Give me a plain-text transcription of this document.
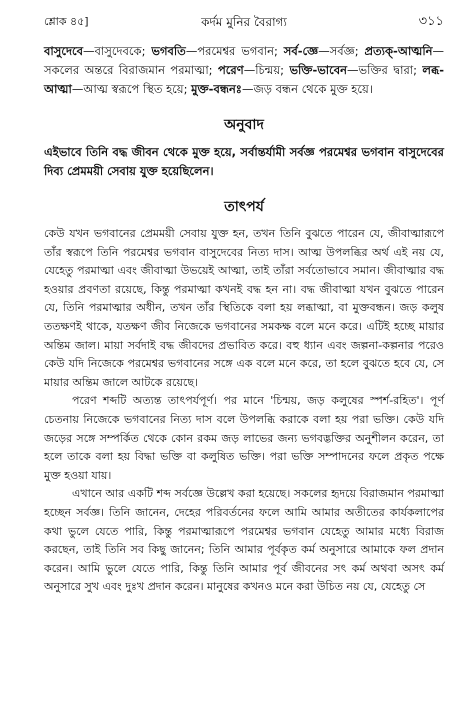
শ্লোক ৪৫]	কর্দম মুনির বৈরাগ্য	৩১১
বাসুদেবে — বাসুদেবকে; ভগবতি — পরমেশ্বর ভগবান; সর্ব-জ্ঞে — সর্বজ্ঞ; প্রত্যক্-আত্মনি— সকলের অন্তরে বিরাজমান পরমাত্মা; পরেণ — চিন্ময়; ভক্তি-ভাবেন — ভক্তির দ্বারা; লব্ধ-আত্মা — আত্ম স্বরূপে স্থিত হয়ে; মুক্ত-বন্ধনঃ — জড় বন্ধন থেকে মুক্ত হয়ে।
অনুবাদ
এইভাবে তিনি বদ্ধ জীবন থেকে মুক্ত হয়ে, সর্বান্তর্যামী সর্বজ্ঞ পরমেশ্বর ভগবান বাসুদেবের দিব্য প্রেমময়ী সেবায় যুক্ত হয়েছিলেন।
তাৎপর্য

কেউ যখন ভগবানের প্রেমময়ী সেবায় যুক্ত হন, তখন তিনি বুঝতে পারেন যে, জীবাত্মারূপে তাঁর স্বরূপে তিনি পরমেশ্বর ভগবান বাসুদেবের নিত্য দাস। আত্ম উপলব্ধির অর্থ এই নয় যে, যেহেতু পরমাত্মা এবং জীবাত্মা উভয়েই আত্মা, তাই তাঁরা সর্বতোভাবে সমান। জীবাত্মার বদ্ধ হওয়ার প্রবণতা রয়েছে, কিন্তু পরমাত্মা কখনই বদ্ধ হন না। বদ্ধ জীবাত্মা যখন বুঝতে পারেন যে, তিনি পরমাত্মার অধীন, তখন তাঁর স্থিতিকে বলা হয় লব্ধাত্মা, বা মুক্তবন্ধন। জড় কলুষ ততক্ষণই থাকে, যতক্ষণ জীব নিজেকে ভগবানের সমকক্ষ বলে মনে করে। এটিই হচ্ছে মায়ার অন্তিম জাল। মায়া সর্বদাই বদ্ধ জীবদের প্রভাবিত করে। বহু ধ্যান এবং জল্পনা-কল্পনার পরেও কেউ যদি নিজেকে পরমেশ্বর ভগবানের সঙ্গে এক বলে মনে করে, তা হলে বুঝতে হবে যে, সে মায়ার অন্তিম জালে আটকে রয়েছে।

পরেণ শব্দটি অত্যন্ত তাৎপর্যপূর্ণ। পর মানে 'চিন্ময়, জড় কলুষের স্পর্শ-রহিত'। পূর্ণ চেতনায় নিজেকে ভগবানের নিত্য দাস বলে উপলব্ধি করাকে বলা হয় পরা ভক্তি। কেউ যদি জড়ের সঙ্গে সম্পর্কিত থেকে কোন রকম জড় লাভের জন্য ভগবদ্ভক্তির অনুশীলন করেন, তা হলে তাকে বলা হয় বিদ্ধা ভক্তি বা কলুষিত ভক্তি। পরা ভক্তি সম্পাদনের ফলে প্রকৃত পক্ষে মুক্ত হওয়া যায়।

এখানে আর একটি শব্দ সর্বজ্ঞে উল্লেখ করা হয়েছে। সকলের হৃদয়ে বিরাজমান পরমাত্মা হচ্ছেন সর্বজ্ঞ। তিনি জানেন, দেহের পরিবর্তনের ফলে আমি আমার অতীতের কার্যকলাপের কথা ভুলে যেতে পারি, কিন্তু পরমাত্মারূপে পরমেশ্বর ভগবান যেহেতু আমার মধ্যে বিরাজ করছেন, তাই তিনি সব কিছু জানেন; তিনি আমার পূর্বকৃত কর্ম অনুসারে আমাকে ফল প্রদান করেন। আমি ভুলে যেতে পারি, কিন্তু তিনি আমার পূর্ব জীবনের সৎ কর্ম অথবা অসৎ কর্ম অনুসারে সুখ এবং দুঃখ প্রদান করেন। মানুষের কখনও মনে করা উচিত নয় যে, যেহেতু সে
